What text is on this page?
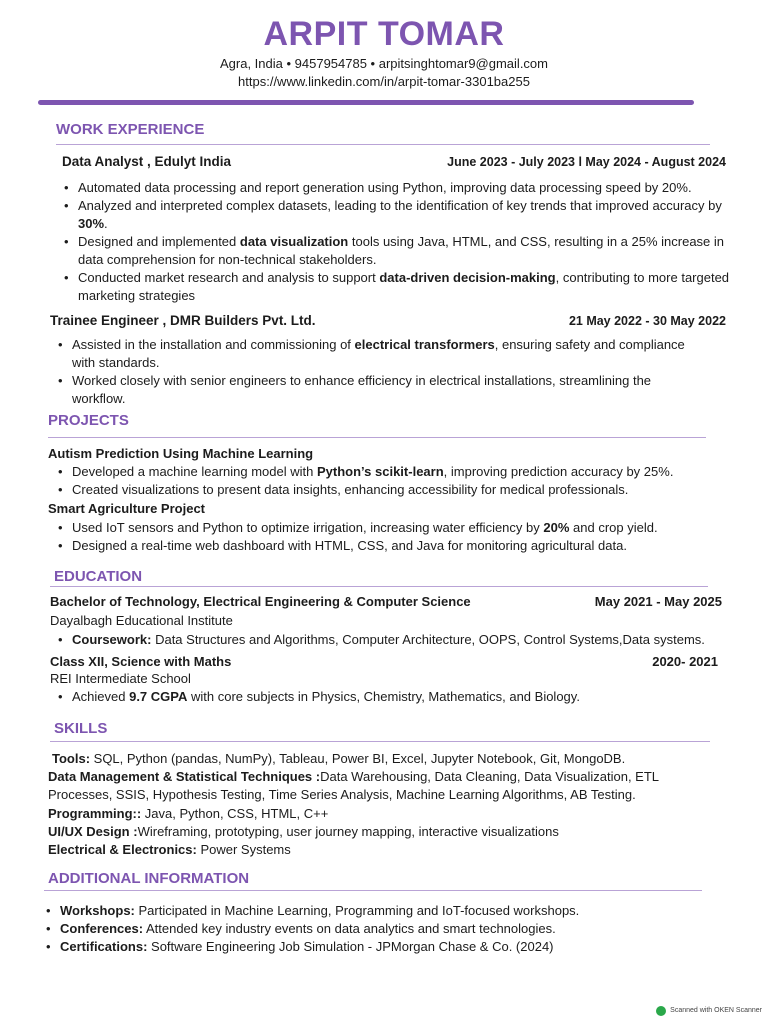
ARPIT TOMAR
Agra, India • 9457954785 • arpitsinghtomar9@gmail.com
https://www.linkedin.com/in/arpit-tomar-3301ba255
WORK EXPERIENCE
Data Analyst , Edulyt India	June 2023 - July 2023 l May 2024 - August 2024
• Automated data processing and report generation using Python, improving data processing speed by 20%.
• Analyzed and interpreted complex datasets, leading to the identification of key trends that improved accuracy by 30%.
• Designed and implemented data visualization tools using Java, HTML, and CSS, resulting in a 25% increase in data comprehension for non-technical stakeholders.
• Conducted market research and analysis to support data-driven decision-making, contributing to more targeted marketing strategies
Trainee Engineer , DMR Builders Pvt. Ltd.	21 May 2022 - 30 May 2022
• Assisted in the installation and commissioning of electrical transformers, ensuring safety and compliance with standards.
• Worked closely with senior engineers to enhance efficiency in electrical installations, streamlining the workflow.
PROJECTS
Autism Prediction Using Machine Learning
• Developed a machine learning model with Python’s scikit-learn, improving prediction accuracy by 25%.
• Created visualizations to present data insights, enhancing accessibility for medical professionals.
Smart Agriculture Project
• Used IoT sensors and Python to optimize irrigation, increasing water efficiency by 20% and crop yield.
• Designed a real-time web dashboard with HTML, CSS, and Java for monitoring agricultural data.
EDUCATION
Bachelor of Technology, Electrical Engineering & Computer Science	May 2021 - May 2025
Dayalbagh Educational Institute
• Coursework: Data Structures and Algorithms, Computer Architecture, OOPS, Control Systems,Data systems.
Class XII, Science with Maths	2020- 2021
REI Intermediate School
• Achieved 9.7 CGPA with core subjects in Physics, Chemistry, Mathematics, and Biology.
SKILLS
Tools: SQL, Python (pandas, NumPy), Tableau, Power BI, Excel, Jupyter Notebook, Git, MongoDB.
Data Management & Statistical Techniques :Data Warehousing, Data Cleaning, Data Visualization, ETL Processes, SSIS, Hypothesis Testing, Time Series Analysis, Machine Learning Algorithms, AB Testing.
Programming:: Java, Python, CSS, HTML, C++
UI/UX Design :Wireframing, prototyping, user journey mapping, interactive visualizations
Electrical & Electronics: Power Systems
ADDITIONAL INFORMATION
• Workshops: Participated in Machine Learning, Programming and IoT-focused workshops.
• Conferences: Attended key industry events on data analytics and smart technologies.
• Certifications: Software Engineering Job Simulation - JPMorgan Chase & Co. (2024)
Scanned with OKEN Scanner
